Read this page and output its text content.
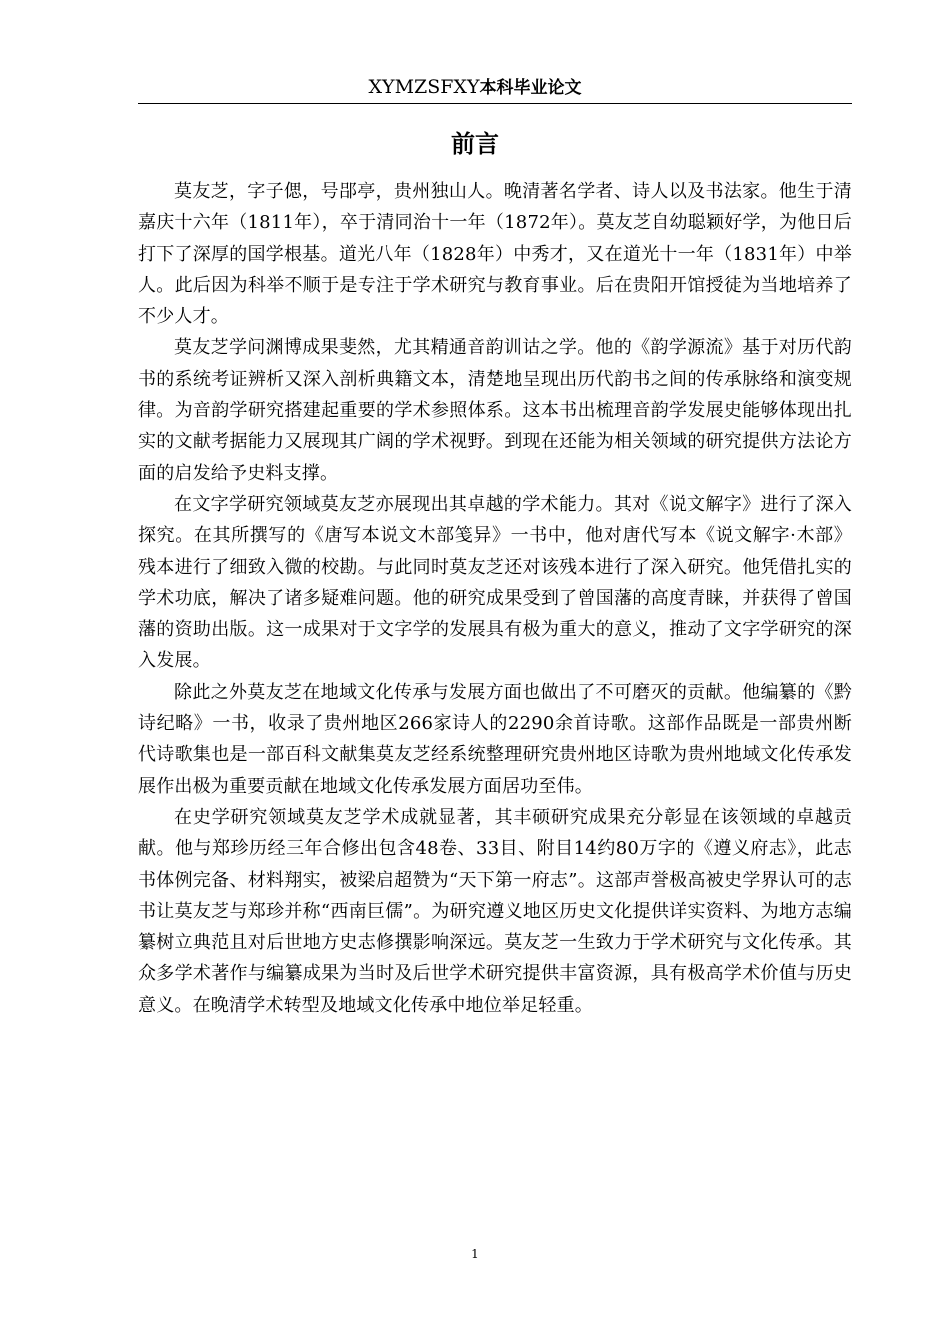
XYMZSFXY本科毕业论文
前言

莫友芝，字子偲，号郘亭，贵州独山人。晚清著名学者、诗人以及书法家。他生于清嘉庆十六年（1811年），卒于清同治十一年（1872年）。莫友芝自幼聪颖好学，为他日后打下了深厚的国学根基。道光八年（1828年）中秀才，又在道光十一年（1831年）中举人。此后因为科举不顺于是专注于学术研究与教育事业。后在贵阳开馆授徒为当地培养了不少人才。

莫友芝学问渊博成果斐然，尤其精通音韵训诂之学。他的《韵学源流》基于对历代韵书的系统考证辨析又深入剖析典籍文本，清楚地呈现出历代韵书之间的传承脉络和演变规律。为音韵学研究搭建起重要的学术参照体系。这本书出梳理音韵学发展史能够体现出扎实的文献考据能力又展现其广阔的学术视野。到现在还能为相关领域的研究提供方法论方面的启发给予史料支撑。

在文字学研究领域莫友芝亦展现出其卓越的学术能力。其对《说文解字》进行了深入探究。在其所撰写的《唐写本说文木部笺异》一书中，他对唐代写本《说文解字·木部》残本进行了细致入微的校勘。与此同时莫友芝还对该残本进行了深入研究。他凭借扎实的学术功底，解决了诸多疑难问题。他的研究成果受到了曾国藩的高度青睐，并获得了曾国藩的资助出版。这一成果对于文字学的发展具有极为重大的意义，推动了文字学研究的深入发展。

除此之外莫友芝在地域文化传承与发展方面也做出了不可磨灭的贡献。他编纂的《黔诗纪略》一书，收录了贵州地区266家诗人的2290余首诗歌。这部作品既是一部贵州断代诗歌集也是一部百科文献集莫友芝经系统整理研究贵州地区诗歌为贵州地域文化传承发展作出极为重要贡献在地域文化传承发展方面居功至伟。

在史学研究领域莫友芝学术成就显著，其丰硕研究成果充分彰显在该领域的卓越贡献。他与郑珍历经三年合修出包含48卷、33目、附目14约80万字的《遵义府志》，此志书体例完备、材料翔实，被梁启超赞为“天下第一府志”。这部声誉极高被史学界认可的志书让莫友芝与郑珍并称“西南巨儒”。为研究遵义地区历史文化提供详实资料、为地方志编纂树立典范且对后世地方史志修撰影响深远。莫友芝一生致力于学术研究与文化传承。其众多学术著作与编纂成果为当时及后世学术研究提供丰富资源，具有极高学术价值与历史意义。在晚清学术转型及地域文化传承中地位举足轻重。

1
